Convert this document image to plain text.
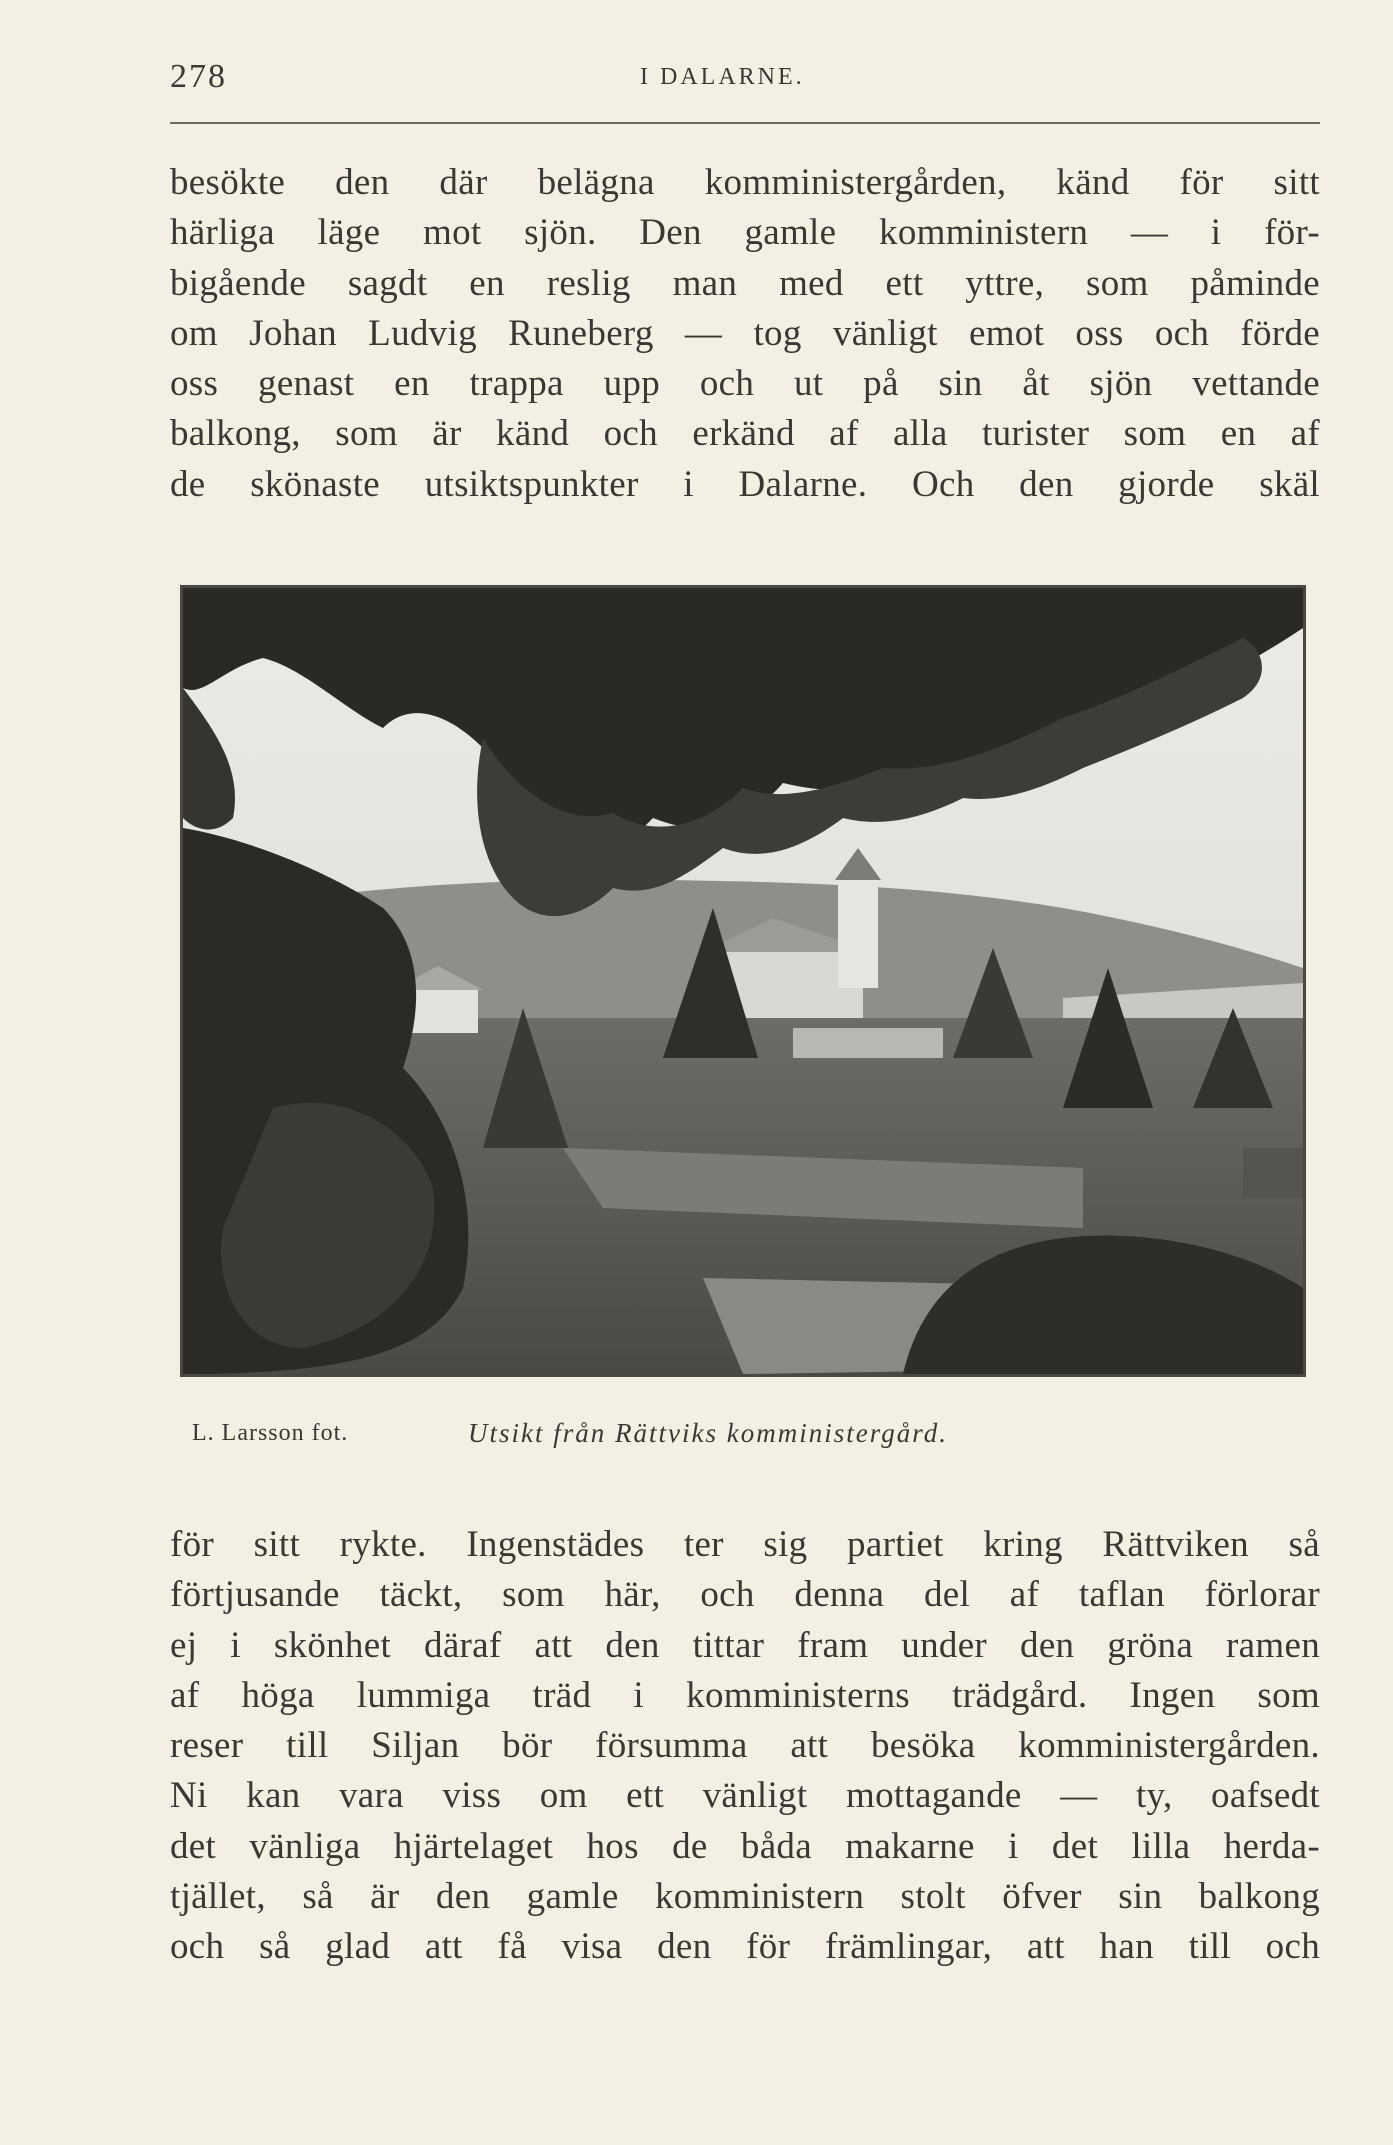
278	I DALARNE.
besökte den där belägna komministergården, känd för sitt
härliga läge mot sjön. Den gamle komministern — i för-
bigående sagdt en reslig man med ett yttre, som påminde
om Johan Ludvig Runeberg — tog vänligt emot oss och förde
oss genast en trappa upp och ut på sin åt sjön vettande
balkong, som är känd och erkänd af alla turister som en af
de skönaste utsiktspunkter i Dalarne. Och den gjorde skäl
L. Larsson fot.	Utsikt från Rättviks komministergård.
för sitt rykte. Ingenstädes ter sig partiet kring Rättviken så
förtjusande täckt, som här, och denna del af taflan förlorar
ej i skönhet däraf att den tittar fram under den gröna ramen
af höga lummiga träd i komministerns trädgård. Ingen som
reser till Siljan bör försumma att besöka komministergården.
Ni kan vara viss om ett vänligt mottagande — ty, oafsedt
det vänliga hjärtelaget hos de båda makarne i det lilla herda-
tjället, så är den gamle komministern stolt öfver sin balkong
och så glad att få visa den för främlingar, att han till och
